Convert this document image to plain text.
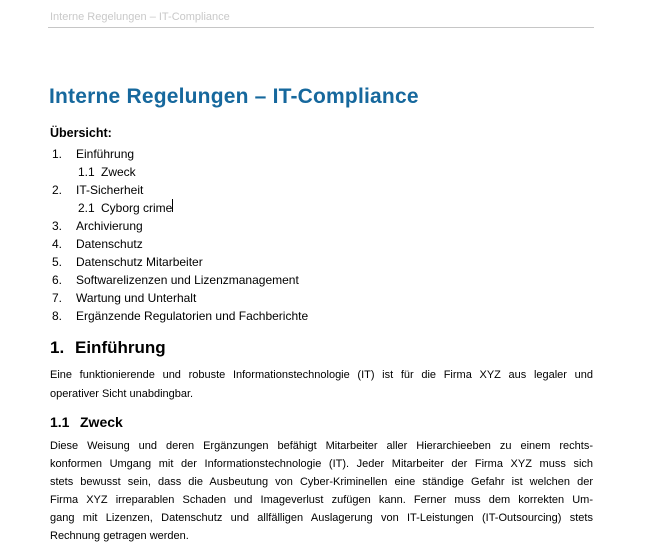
Interne Regelungen – IT-Compliance
Interne Regelungen – IT-Compliance
Übersicht:
1.	Einführung
1.1 Zweck
2.	IT-Sicherheit
2.1 Cyborg crime
3.	Archivierung
4.	Datenschutz
5.	Datenschutz Mitarbeiter
6.	Softwarelizenzen und Lizenzmanagement
7.	Wartung und Unterhalt
8.	Ergänzende Regulatorien und Fachberichte
1. Einführung
Eine funktionierende und robuste Informationstechnologie (IT) ist für die Firma XYZ aus legaler und
operativer Sicht unabdingbar.
1.1 Zweck
Diese Weisung und deren Ergänzungen befähigt Mitarbeiter aller Hierarchieeben zu einem rechts-
konformen Umgang mit der Informationstechnologie (IT). Jeder Mitarbeiter der Firma XYZ muss sich
stets bewusst sein, dass die Ausbeutung von Cyber-Kriminellen eine ständige Gefahr ist welchen der
Firma XYZ irreparablen Schaden und Imageverlust zufügen kann. Ferner muss dem korrekten Um-
gang mit Lizenzen, Datenschutz und allfälligen Auslagerung von IT-Leistungen (IT-Outsourcing) stets
Rechnung getragen werden.
